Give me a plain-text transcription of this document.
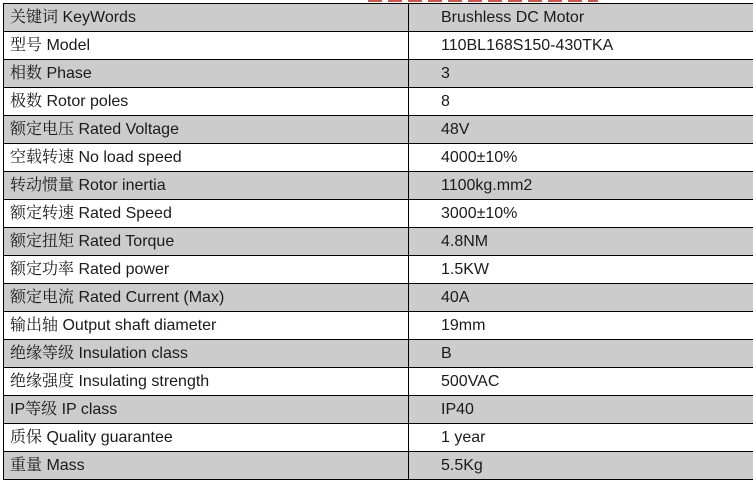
关键词 KeyWords	Brushless DC Motor
型号 Model	110BL168S150-430TKA
相数 Phase	3
极数 Rotor poles	8
额定电压 Rated Voltage	48V
空载转速 No load speed	4000±10%
转动惯量 Rotor inertia	1100kg.mm2
额定转速 Rated Speed	3000±10%
额定扭矩 Rated Torque	4.8NM
额定功率 Rated power	1.5KW
额定电流 Rated Current (Max)	40A
输出轴 Output shaft diameter	19mm
绝缘等级 Insulation class	B
绝缘强度 Insulating strength	500VAC
IP等级 IP class	IP40
质保 Quality guarantee	1 year
重量 Mass	5.5Kg
